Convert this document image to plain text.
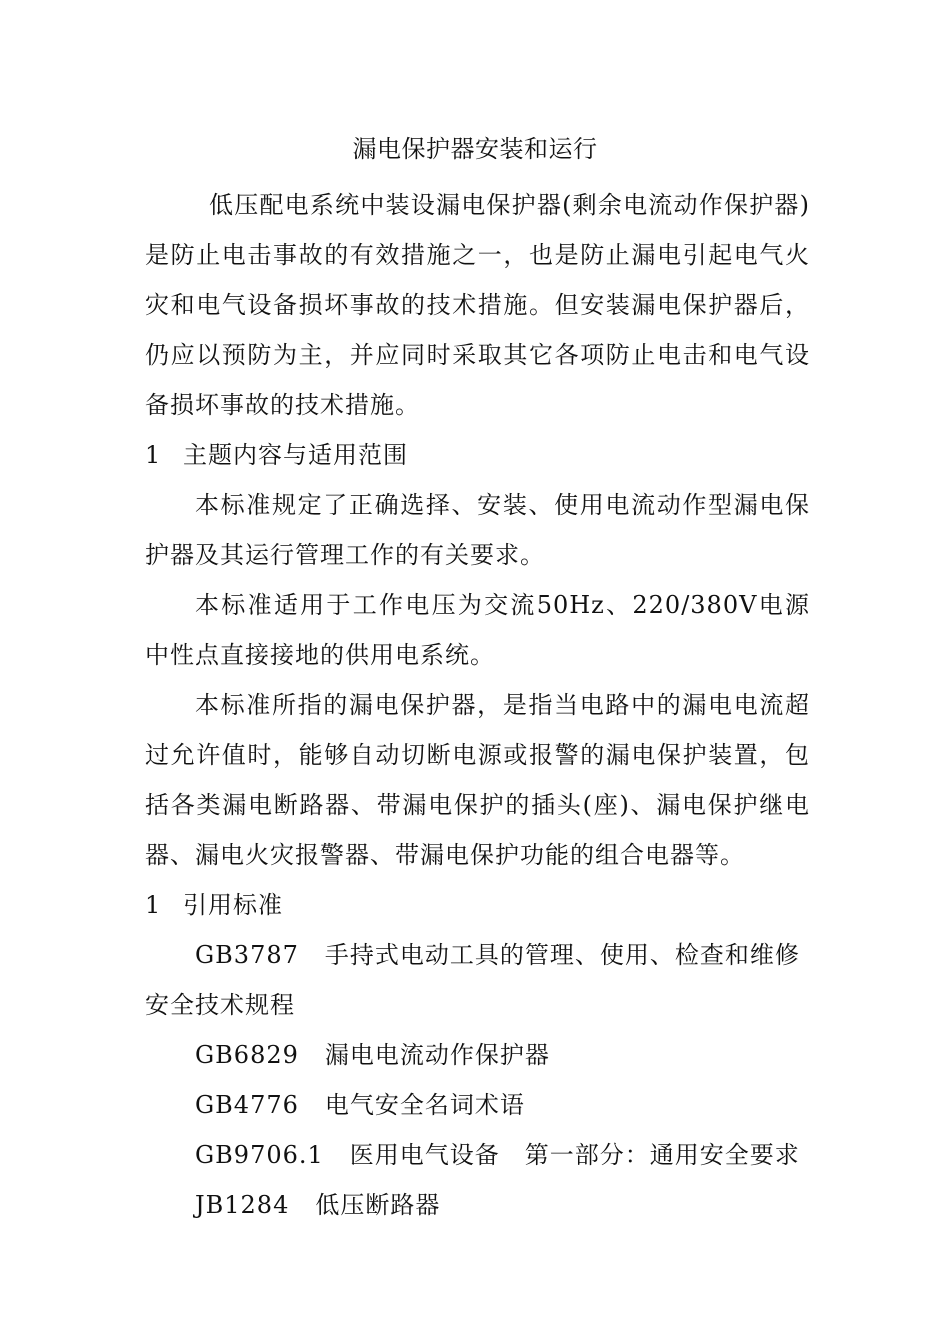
漏电保护器安装和运行

低压配电系统中装设漏电保护器(剩余电流动作保护器)是防止电击事故的有效措施之一，也是防止漏电引起电气火灾和电气设备损坏事故的技术措施。但安装漏电保护器后，仍应以预防为主，并应同时采取其它各项防止电击和电气设备损坏事故的技术措施。

1 主题内容与适用范围

本标准规定了正确选择、安装、使用电流动作型漏电保护器及其运行管理工作的有关要求。

本标准适用于工作电压为交流50Hz、220/380V电源中性点直接接地的供用电系统。

本标准所指的漏电保护器，是指当电路中的漏电电流超过允许值时，能够自动切断电源或报警的漏电保护装置，包括各类漏电断路器、带漏电保护的插头(座)、漏电保护继电器、漏电火灾报警器、带漏电保护功能的组合电器等。

1 引用标准

GB3787 手持式电动工具的管理、使用、检查和维修安全技术规程

GB6829 漏电电流动作保护器

GB4776 电气安全名词术语

GB9706.1 医用电气设备　第一部分：通用安全要求

JB1284 低压断路器
